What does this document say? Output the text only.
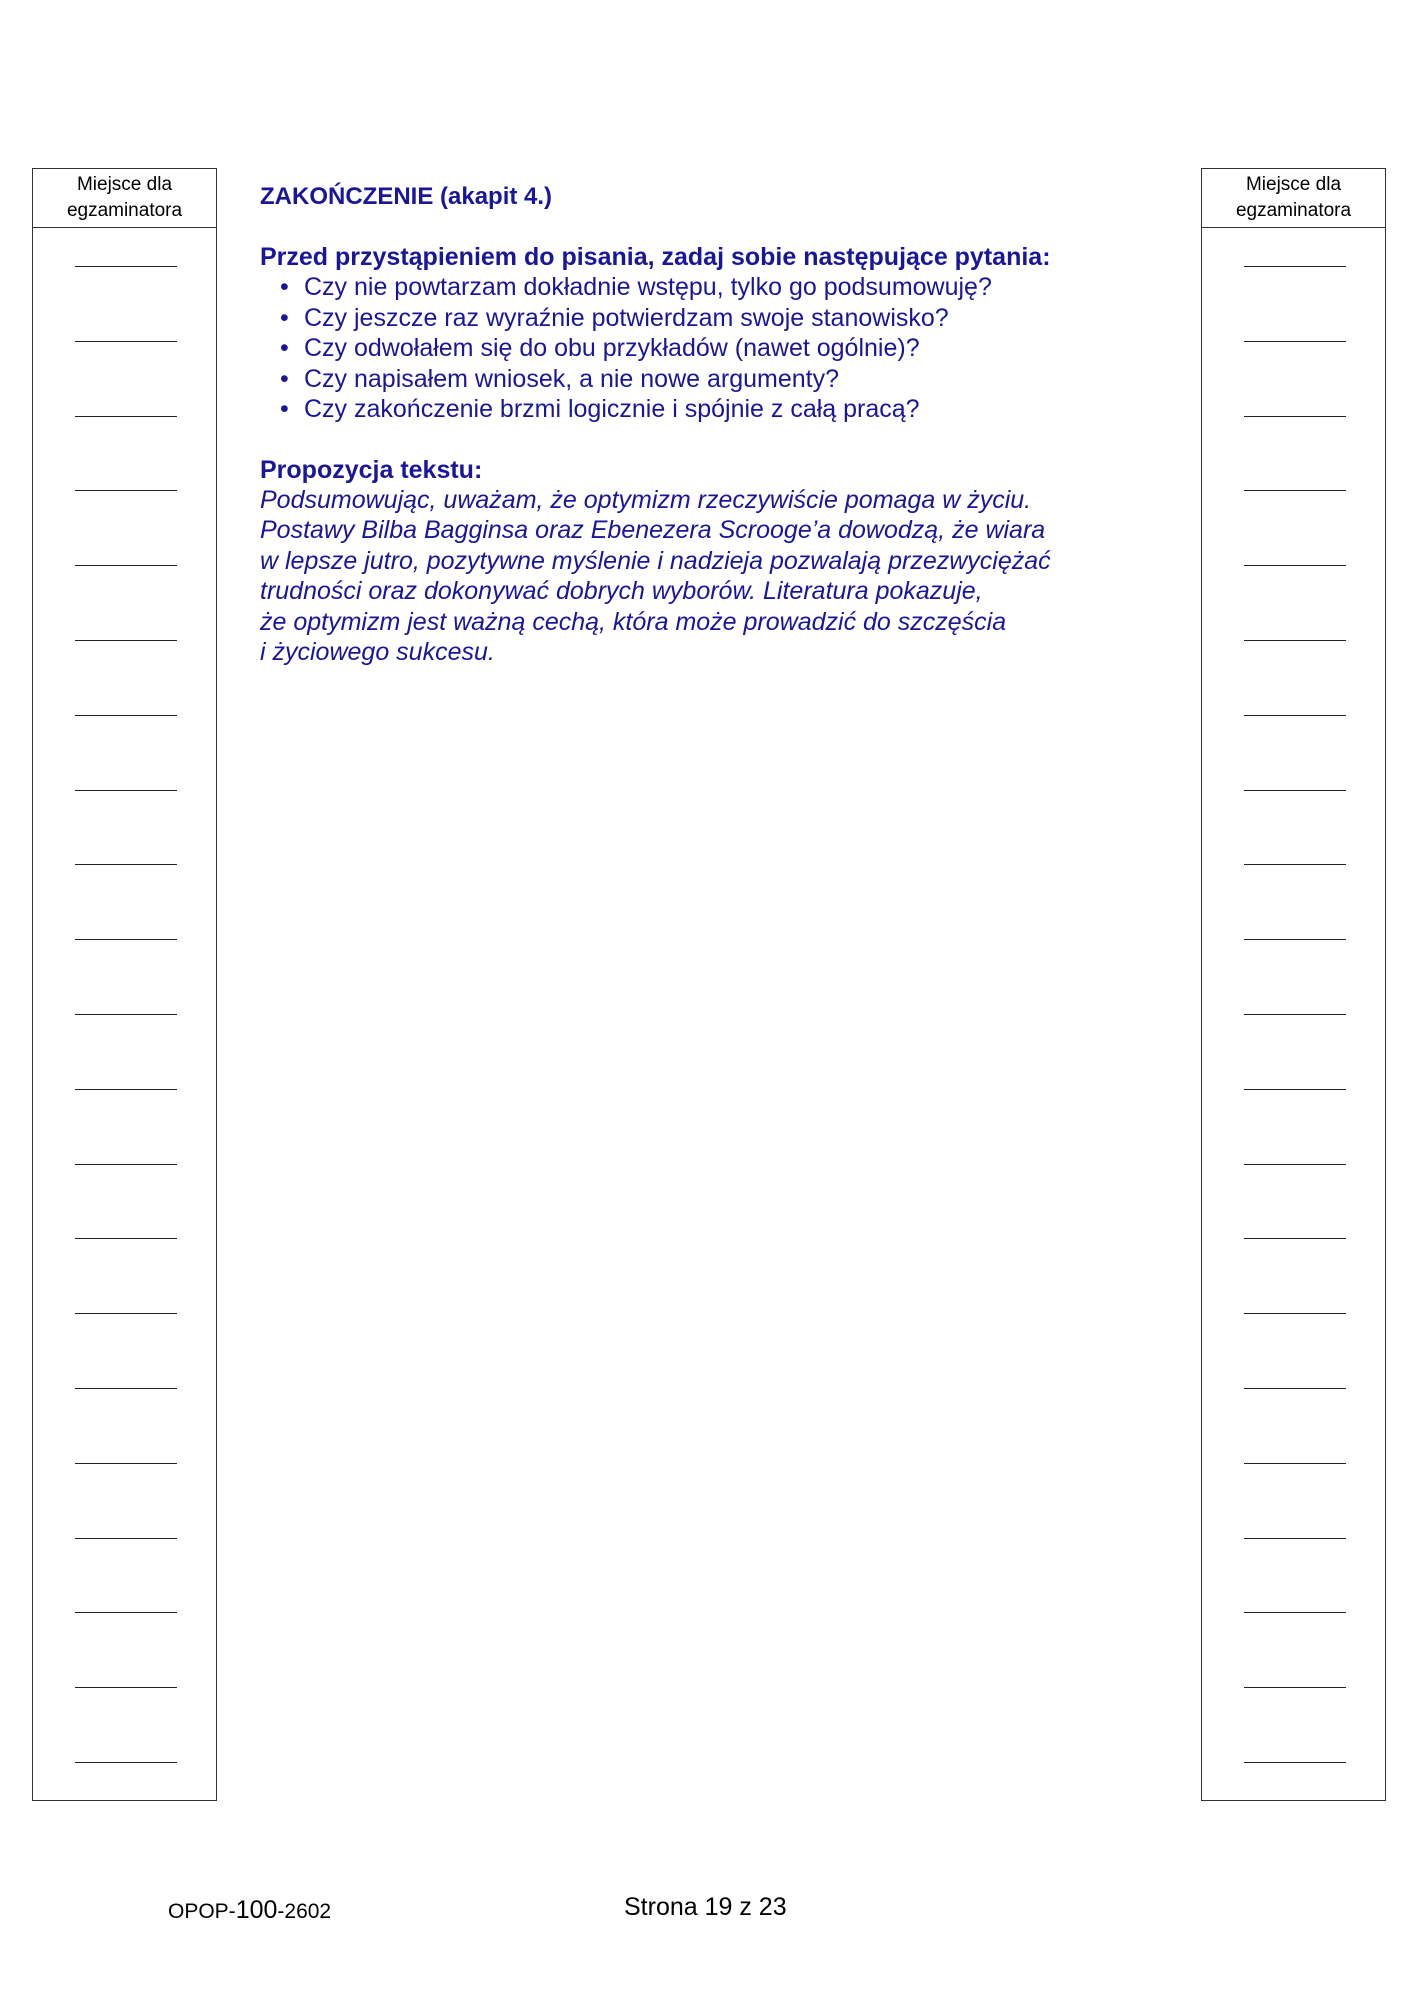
Miejsce dla
egzaminatora
Miejsce dla
egzaminatora
ZAKOŃCZENIE (akapit 4.)

Przed przystąpieniem do pisania, zadaj sobie następujące pytania:

• Czy nie powtarzam dokładnie wstępu, tylko go podsumowuję?
• Czy jeszcze raz wyraźnie potwierdzam swoje stanowisko?
• Czy odwołałem się do obu przykładów (nawet ogólnie)?
• Czy napisałem wniosek, a nie nowe argumenty?
• Czy zakończenie brzmi logicznie i spójnie z całą pracą?

Propozycja tekstu:

Podsumowując, uważam, że optymizm rzeczywiście pomaga w życiu.
Postawy Bilba Bagginsa oraz Ebenezera Scrooge’a dowodzą, że wiara
w lepsze jutro, pozytywne myślenie i nadzieja pozwalają przezwyciężać
trudności oraz dokonywać dobrych wyborów. Literatura pokazuje,
że optymizm jest ważną cechą, która może prowadzić do szczęścia
i życiowego sukcesu.

OPOP-100-2602	Strona 19 z 23
